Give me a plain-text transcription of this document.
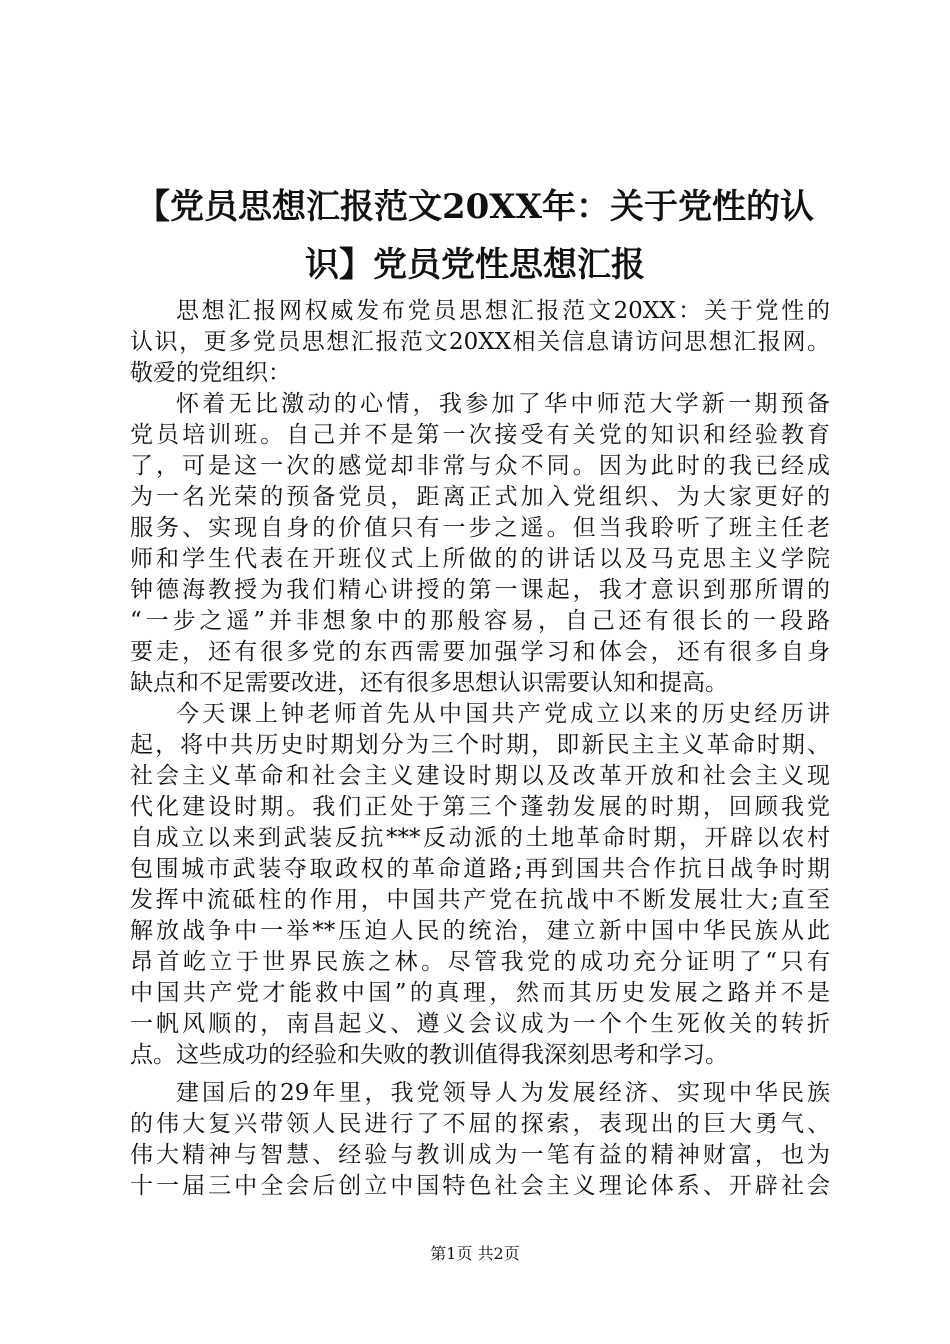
【党员思想汇报范文20XX年：关于党性的认
识】党员党性思想汇报
思想汇报网权威发布党员思想汇报范文20XX：关于党性的
认识，更多党员思想汇报范文20XX相关信息请访问思想汇报网。
敬爱的党组织：
怀着无比激动的心情，我参加了华中师范大学新一期预备
党员培训班。自己并不是第一次接受有关党的知识和经验教育
了，可是这一次的感觉却非常与众不同。因为此时的我已经成
为一名光荣的预备党员，距离正式加入党组织、为大家更好的
服务、实现自身的价值只有一步之遥。但当我聆听了班主任老
师和学生代表在开班仪式上所做的的讲话以及马克思主义学院
钟德海教授为我们精心讲授的第一课起，我才意识到那所谓的
“一步之遥”并非想象中的那般容易，自己还有很长的一段路
要走，还有很多党的东西需要加强学习和体会，还有很多自身
缺点和不足需要改进，还有很多思想认识需要认知和提高。
今天课上钟老师首先从中国共产党成立以来的历史经历讲
起，将中共历史时期划分为三个时期，即新民主主义革命时期、
社会主义革命和社会主义建设时期以及改革开放和社会主义现
代化建设时期。我们正处于第三个蓬勃发展的时期，回顾我党
自成立以来到武装反抗***反动派的土地革命时期，开辟以农村
包围城市武装夺取政权的革命道路;再到国共合作抗日战争时期
发挥中流砥柱的作用，中国共产党在抗战中不断发展壮大;直至
解放战争中一举**压迫人民的统治，建立新中国中华民族从此
昂首屹立于世界民族之林。尽管我党的成功充分证明了“只有
中国共产党才能救中国”的真理，然而其历史发展之路并不是
一帆风顺的，南昌起义、遵义会议成为一个个生死攸关的转折
点。这些成功的经验和失败的教训值得我深刻思考和学习。
建国后的29年里，我党领导人为发展经济、实现中华民族
的伟大复兴带领人民进行了不屈的探索，表现出的巨大勇气、
伟大精神与智慧、经验与教训成为一笔有益的精神财富，也为
十一届三中全会后创立中国特色社会主义理论体系、开辟社会
第1页 共2页
